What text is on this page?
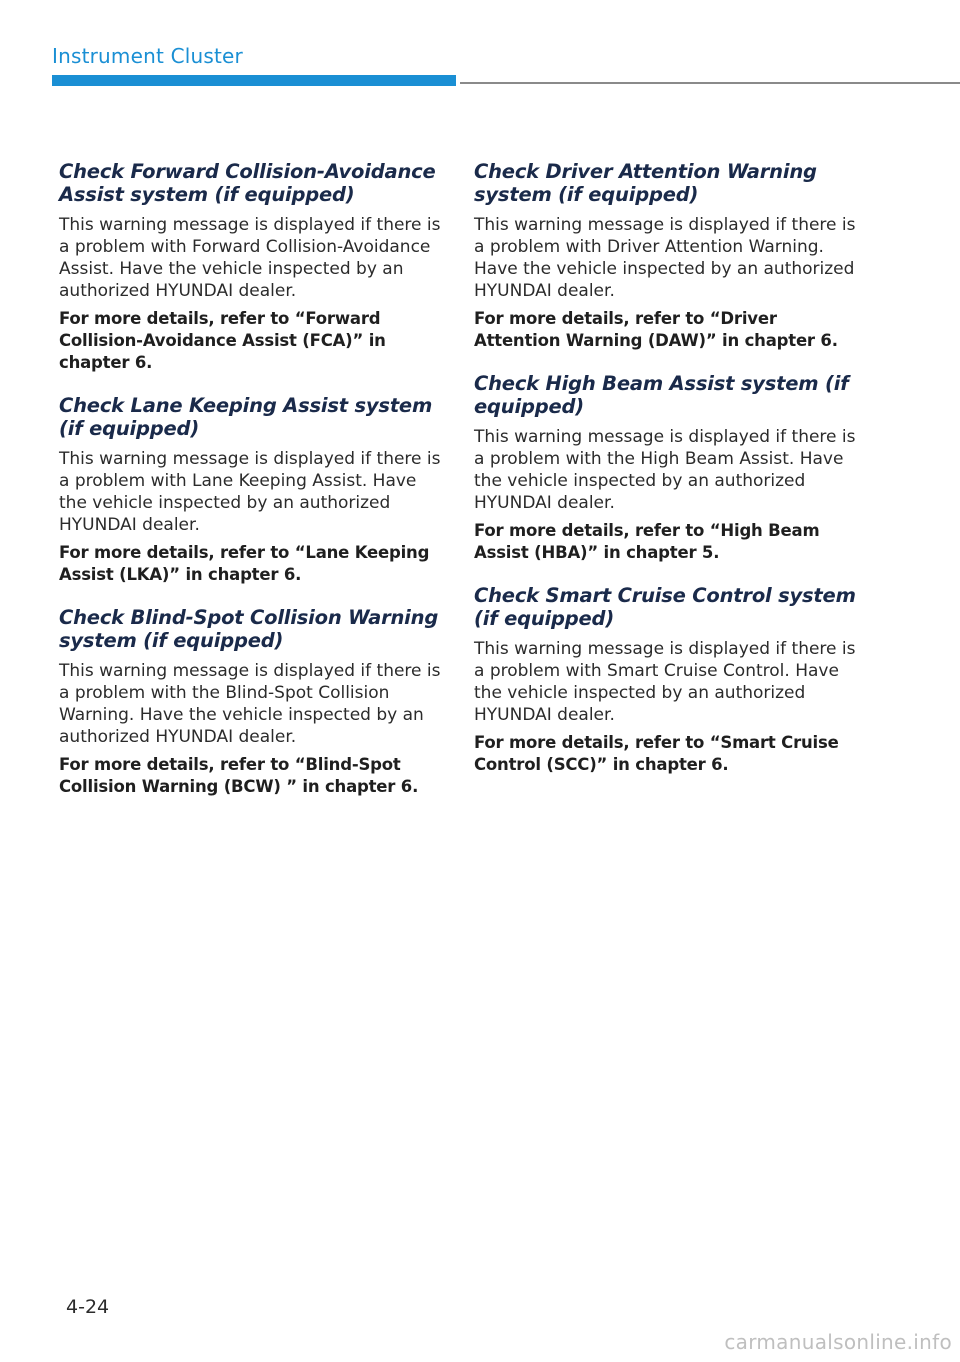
Instrument Cluster
Check Forward Collision-Avoidance Assist system (if equipped)

This warning message is displayed if there is a problem with Forward Collision-Avoidance Assist. Have the vehicle inspected by an authorized HYUNDAI dealer.

For more details, refer to “Forward Collision-Avoidance Assist (FCA)” in chapter 6.

Check Lane Keeping Assist system (if equipped)

This warning message is displayed if there is a problem with Lane Keeping Assist. Have the vehicle inspected by an authorized HYUNDAI dealer.

For more details, refer to “Lane Keeping Assist (LKA)” in chapter 6.

Check Blind-Spot Collision Warning system (if equipped)

This warning message is displayed if there is a problem with the Blind-Spot Collision Warning. Have the vehicle inspected by an authorized HYUNDAI dealer.

For more details, refer to “Blind-Spot Collision Warning (BCW) ” in chapter 6.

Check Driver Attention Warning system (if equipped)

This warning message is displayed if there is a problem with Driver Attention Warning. Have the vehicle inspected by an authorized HYUNDAI dealer.

For more details, refer to “Driver Attention Warning (DAW)” in chapter 6.

Check High Beam Assist system (if equipped)

This warning message is displayed if there is a problem with the High Beam Assist. Have the vehicle inspected by an authorized HYUNDAI dealer.

For more details, refer to “High Beam Assist (HBA)” in chapter 5.

Check Smart Cruise Control system (if equipped)

This warning message is displayed if there is a problem with Smart Cruise Control. Have the vehicle inspected by an authorized HYUNDAI dealer.

For more details, refer to “Smart Cruise Control (SCC)” in chapter 6.

4-24
carmanualsonline.info
